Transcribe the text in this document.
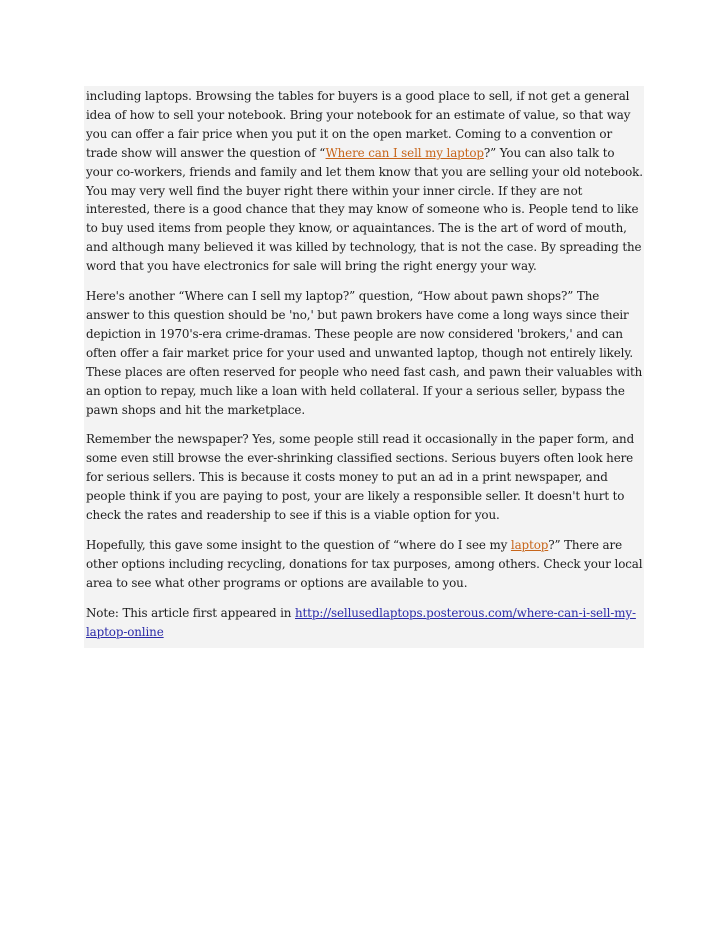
including laptops. Browsing the tables for buyers is a good place to sell, if not get a general idea of how to sell your notebook. Bring your notebook for an estimate of value, so that way you can offer a fair price when you put it on the open market. Coming to a convention or trade show will answer the question of “Where can I sell my laptop?” You can also talk to your co-workers, friends and family and let them know that you are selling your old notebook. You may very well find the buyer right there within your inner circle. If they are not interested, there is a good chance that they may know of someone who is. People tend to like to buy used items from people they know, or aquaintances. The is the art of word of mouth, and although many believed it was killed by technology, that is not the case. By spreading the word that you have electronics for sale will bring the right energy your way.

Here's another “Where can I sell my laptop?” question, “How about pawn shops?” The answer to this question should be 'no,' but pawn brokers have come a long ways since their depiction in 1970's-era crime-dramas. These people are now considered 'brokers,' and can often offer a fair market price for your used and unwanted laptop, though not entirely likely. These places are often reserved for people who need fast cash, and pawn their valuables with an option to repay, much like a loan with held collateral. If your a serious seller, bypass the pawn shops and hit the marketplace.

Remember the newspaper? Yes, some people still read it occasionally in the paper form, and some even still browse the ever-shrinking classified sections. Serious buyers often look here for serious sellers. This is because it costs money to put an ad in a print newspaper, and people think if you are paying to post, your are likely a responsible seller. It doesn't hurt to check the rates and readership to see if this is a viable option for you.

Hopefully, this gave some insight to the question of “where do I see my laptop?” There are other options including recycling, donations for tax purposes, among others. Check your local area to see what other programs or options are available to you.

Note: This article first appeared in http://sellusedlaptops.posterous.com/where-can-i-sell-my-laptop-online
